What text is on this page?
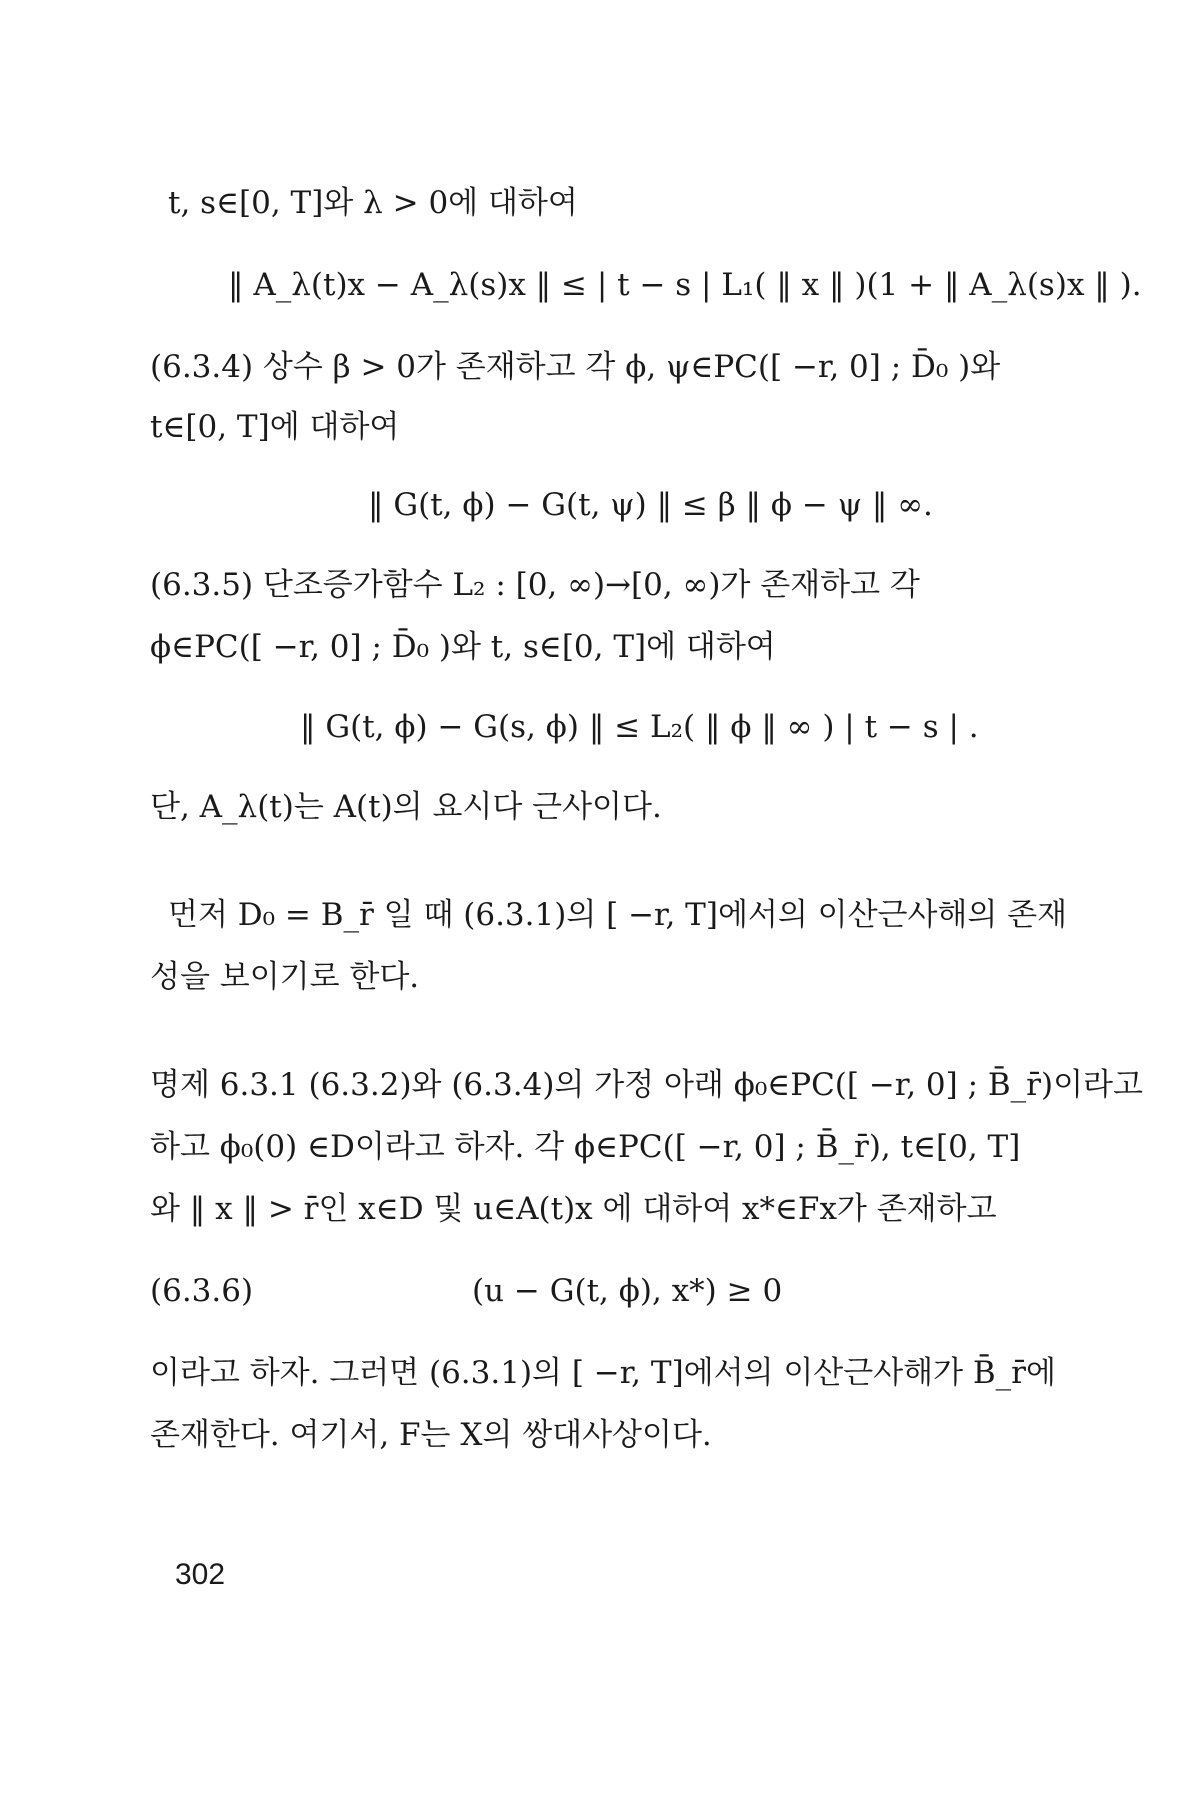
t, s∈[0, T]와 λ > 0에 대하여
‖ A_λ(t)x − A_λ(s)x ‖ ≤ | t − s | L₁( ‖ x ‖ )(1 + ‖ A_λ(s)x ‖ ).
(6.3.4) 상수 β > 0가 존재하고 각 ϕ, ψ∈PC([ −r, 0] ; D̄₀ )와
t∈[0, T]에 대하여
‖ G(t, ϕ) − G(t, ψ) ‖ ≤ β ‖ ϕ − ψ ‖ ∞.
(6.3.5) 단조증가함수 L₂ : [0, ∞)→[0, ∞)가 존재하고 각
ϕ∈PC([ −r, 0] ; D̄₀ )와 t, s∈[0, T]에 대하여
‖ G(t, ϕ) − G(s, ϕ) ‖ ≤ L₂( ‖ ϕ ‖ ∞ ) | t − s | .
단, A_λ(t)는 A(t)의 요시다 근사이다.
먼저 D₀ = B_r̄ 일 때 (6.3.1)의 [ −r, T]에서의 이산근사해의 존재
성을 보이기로 한다.
명제 6.3.1 (6.3.2)와 (6.3.4)의 가정 아래 ϕ₀∈PC([ −r, 0] ; B̄_r̄)이라고
하고 ϕ₀(0) ∈D이라고 하자. 각 ϕ∈PC([ −r, 0] ; B̄_r̄), t∈[0, T]
와 ‖ x ‖ > r̄인 x∈D 및 u∈A(t)x 에 대하여 x*∈Fx가 존재하고
(6.3.6)	(u − G(t, ϕ), x*) ≥ 0
이라고 하자. 그러면 (6.3.1)의 [ −r, T]에서의 이산근사해가 B̄_r̄에
존재한다. 여기서, F는 X의 쌍대사상이다.
302
